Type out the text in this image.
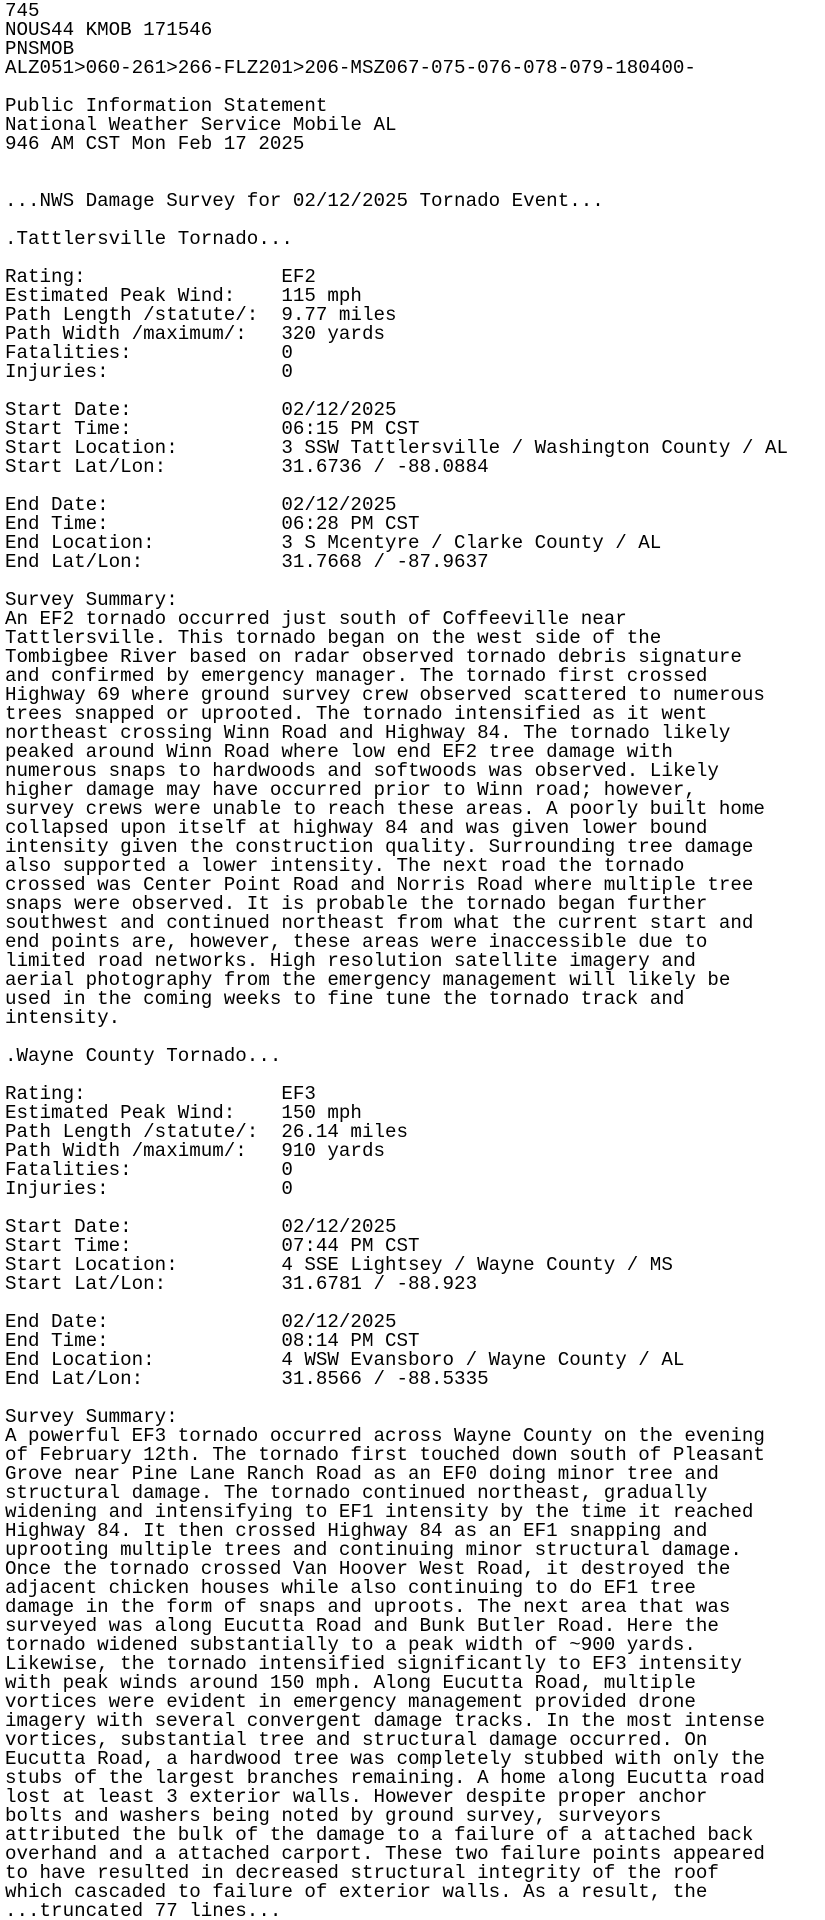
745
NOUS44 KMOB 171546
PNSMOB
ALZ051>060-261>266-FLZ201>206-MSZ067-075-076-078-079-180400-
Public Information Statement
National Weather Service Mobile AL
946 AM CST Mon Feb 17 2025
...NWS Damage Survey for 02/12/2025 Tornado Event...
.Tattlersville Tornado...
Rating:                 EF2
Estimated Peak Wind:    115 mph
Path Length /statute/:  9.77 miles
Path Width /maximum/:   320 yards
Fatalities:             0
Injuries:               0
Start Date:             02/12/2025
Start Time:             06:15 PM CST
Start Location:         3 SSW Tattlersville / Washington County / AL
Start Lat/Lon:          31.6736 / -88.0884
End Date:               02/12/2025
End Time:               06:28 PM CST
End Location:           3 S Mcentyre / Clarke County / AL
End Lat/Lon:            31.7668 / -87.9637
Survey Summary:
An EF2 tornado occurred just south of Coffeeville near
Tattlersville. This tornado began on the west side of the
Tombigbee River based on radar observed tornado debris signature
and confirmed by emergency manager. The tornado first crossed
Highway 69 where ground survey crew observed scattered to numerous
trees snapped or uprooted. The tornado intensified as it went
northeast crossing Winn Road and Highway 84. The tornado likely
peaked around Winn Road where low end EF2 tree damage with
numerous snaps to hardwoods and softwoods was observed. Likely
higher damage may have occurred prior to Winn road; however,
survey crews were unable to reach these areas. A poorly built home
collapsed upon itself at highway 84 and was given lower bound
intensity given the construction quality. Surrounding tree damage
also supported a lower intensity. The next road the tornado
crossed was Center Point Road and Norris Road where multiple tree
snaps were observed. It is probable the tornado began further
southwest and continued northeast from what the current start and
end points are, however, these areas were inaccessible due to
limited road networks. High resolution satellite imagery and
aerial photography from the emergency management will likely be
used in the coming weeks to fine tune the tornado track and
intensity.
.Wayne County Tornado...
Rating:                 EF3
Estimated Peak Wind:    150 mph
Path Length /statute/:  26.14 miles
Path Width /maximum/:   910 yards
Fatalities:             0
Injuries:               0
Start Date:             02/12/2025
Start Time:             07:44 PM CST
Start Location:         4 SSE Lightsey / Wayne County / MS
Start Lat/Lon:          31.6781 / -88.923
End Date:               02/12/2025
End Time:               08:14 PM CST
End Location:           4 WSW Evansboro / Wayne County / AL
End Lat/Lon:            31.8566 / -88.5335
Survey Summary:
A powerful EF3 tornado occurred across Wayne County on the evening
of February 12th. The tornado first touched down south of Pleasant
Grove near Pine Lane Ranch Road as an EF0 doing minor tree and
structural damage. The tornado continued northeast, gradually
widening and intensifying to EF1 intensity by the time it reached
Highway 84. It then crossed Highway 84 as an EF1 snapping and
uprooting multiple trees and continuing minor structural damage.
Once the tornado crossed Van Hoover West Road, it destroyed the
adjacent chicken houses while also continuing to do EF1 tree
damage in the form of snaps and uproots. The next area that was
surveyed was along Eucutta Road and Bunk Butler Road. Here the
tornado widened substantially to a peak width of ~900 yards.
Likewise, the tornado intensified significantly to EF3 intensity
with peak winds around 150 mph. Along Eucutta Road, multiple
vortices were evident in emergency management provided drone
imagery with several convergent damage tracks. In the most intense
vortices, substantial tree and structural damage occurred. On
Eucutta Road, a hardwood tree was completely stubbed with only the
stubs of the largest branches remaining. A home along Eucutta road
lost at least 3 exterior walls. However despite proper anchor
bolts and washers being noted by ground survey, surveyors
attributed the bulk of the damage to a failure of a attached back
overhand and a attached carport. These two failure points appeared
to have resulted in decreased structural integrity of the roof
which cascaded to failure of exterior walls. As a result, the
...truncated 77 lines...
